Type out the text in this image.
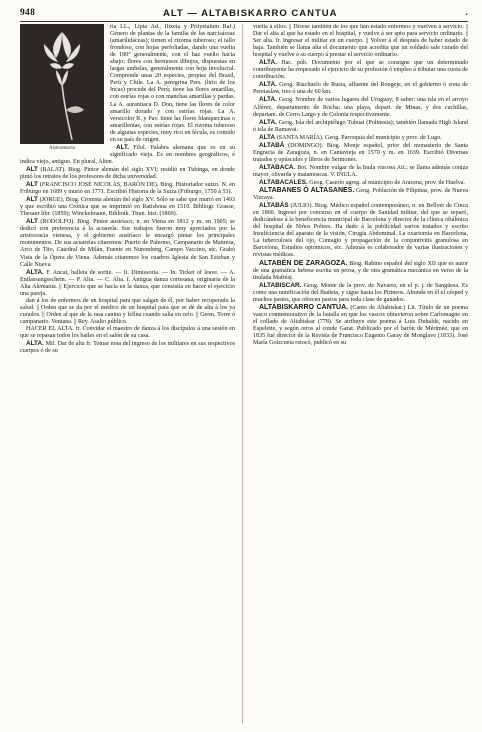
948	ALT — ALTABISKARRO CANTUA	.
Alstroemeria

ria LL., Lipta Ad., Ilixeia y Prilyetalum Raf.) Género de plantas de la familia de las narcisáceas (amarilidáceas); tienen el rizoma tuberoso; el tallo frondoso, con hojas perfoliadas, dando una vuelta de 180° generalmente, con el haz vuelto hacia abajo; flores con hermosos dibujos, dispuestas en largas umbelas, generalmente con hoja involucral. Comprende unas 20 especies, propias del Brasil, Perú y Chile. La A. peregrina Pers. (lirio de los Incas) procede del Perú; tiene las flores amarillas, con estrías rojas o con manchas amarillas y pardas. La A. aurantiaca D. Don, tiene las flores de color amarillo dorado y con estrías rojas. La A. versicolor R. y Pav. tiene las flores blanquecinas o amarillentas, con estrías rojas. El rizoma tuberoso de algunas especies, muy rico en fécula, es comido en su país de origen.

ALT. Filol. Palabra alemana que es en su significado vieja. Es en nombres geográficos, é indica viejo, antiguo. En plural, Alten.

ALT (BALAT). Biog. Pintor alemán del siglo XVI; residió en Tubinga, en donde pintó los retratos de los profesores de dicha universidad.

ALT (FRANCISCO JOSÉ NICOLÁS, BARÓN DE). Biog. Historiador suizo. N. en Friburgo en 1689 y murió en 1771. Escribió Historia de la Suiza (Friburgo, 1750 á 53).

ALT (JORGE). Biog. Cronista alemán del siglo XV. Sólo se sabe que murió en 1493 y que escribió una Crónica que se imprimió en Ratisbona en 1510. Bibliogr. Grasse, Thesaur libr. (1859); Winckelmann, Bibliotk. Tiran. hist. (1869).

ALT (RODOLFO). Biog. Pintor austríaco, n. en Viena en 1812 y m. en 1905; se dedicó con preferencia á la acuarela. Sus trabajos fueron muy apreciados por la aristocracia vienesa, y el gobierno austríaco le encargó pintar los principales monumentos. De sus acuarelas citaremos: Puerto de Palermo, Campanario de Manresa, Arco de Tito, Catedral de Milán, Fuente en Nuremberg, Campo Vaccino, etc. Grabó Vista de la Ópera de Viena. Además citaremos los cuadros Iglesia de San Esteban y Calle Nueva.

ALTA. F. Ancat, halleta de sortie. — It. Dimissoria. — In. Ticket of leave. — A. Entlassungsschein. — P. Alta. — C. Alta. f. Antigua danza cortesana, originaria de la Alta Alemania. || Ejercicio que se hacía en la danza, que consistía en hacer el ejercicio una pareja.

dan á los de enfermos de un hospital para que salgan de él, por haber recuperado la salud. || Orden que se da por el médico de un hospital para que se dé de alta á los ya curados. || Orden al que de la rasa canina y fellna cuando salía en celo. || Germ. Torre ó campanario. Ventana. || Rey. Asalto público.

HACER EL ALTA. fr. Convidar el maestro de danza á los discípulos á una sesión en que se repasan todos los bailes en el salón de su casa.

ALTA. Mil. Dar de alta fr. Tomar nota del ingreso de los militares en sus respectivos cuerpos ó de su

vuelta á ellos. || Dícese también de los que han estado enfermos y vuelven á servicio. || Dar el alta al que ha estado en el hospital, y vuelve á ser apto para servicio ordinario. || Ser alta. fr. Ingresar el militar en un cuerpo. || Volver á él después de haber estado de baja. También se llama alta el documento que acredita que un soldado sale curado del hospital y vuelve á su cuerpo á prestar el servicio ordinario.

ALTA. Hac. púb. Documento por el que se consigne que un determinado contribuyente ha empezado el ejercicio de su profesión ó empleo á tributar una cuota de contribución.

ALTA. Geog. Riachuelo de Rusia, afluente del Rougeje, en el gobierno ó zona de Pereiaslaw, tres ó una de 60 km.

ALTA. Geog. Nombre de varios lugares del Uruguay; 8 saber: una isla en el arroyo Alférez, departamento de Rocha; una playa, depart. de Minas, y dos cuchillas, departam. de Cerro Largo y de Colonia respectivamente.

ALTA. Geog. Isla del archipiélago Tubuai (Polinesia); también llamada High Island ó isla de Ramavai.

ALTA (SANTA MARÍA). Geog. Parroquia del municipio y prov. de Lugo.

ALTABÁ (DOMINGO). Biog. Monje español, prior del monasterio de Santa Engracia de Zaragoza, n. en Cantavieja en 1570 y m. en 1639. Escribió Diversas tratados y opúsculos y libros de Sermones.

ALTABACA. Bot. Nombre vulgar de la Inula viscosa Ait.; se llama además coniza mayor, olivarda y matamoscas. V. INULA.

ALTABACALES. Geog. Caserío agreg. al municipio de Aracena, prov. de Huelva.

ALTABANES Ó ALTASANES. Geog. Población de Filipinas, prov. de Nueva Vizcaya.

ALTABÁS (JULIO). Biog. Médico español contemporáneo, n. en Bellver de Cinca en 1860. Ingresó por concurso en el cuerpo de Sanidad militar, del que se separó, dedicándose á la beneficencia municipal de Barcelona y director de la clínica oftálmica del hospital de Niños Pobres. Ha dado á la publicidad varios tratados y escrito Insuficiencia del aparato de la visión, Cirugía Abdominal. La oxartomia en Barcelona, La tuberculosis del ojo, Contagio y propagación de la conjuntivitis granulosa en Barcelona, Estudios optómicos, etc. Además es colaborador de varias ilustraciones y revistas médicas.

ALTABÉN DE ZARAGOZA. Biog. Rabino español del siglo XII que es autor de una gramática hebrea escrita en prosa, y de otra gramática mecánica en verso de la titulada Maftéaj.

ALTABISCAR. Geog. Monte de la prov. de Navarra, en el p. j. de Sangüesa. Es como una ramificación del Ibañeta, y sigue hasta los Pirineos. Abunda en él el césped y muchos pastos, que ofrecen pastos para toda clase de ganados.

ALTABISKARRO CANTUA. (Canto de Altabiskar.) Lit. Título de un poema vasco conmemorativo de la batalla en que los vascos obtuvieron sobre Carlomagno en el collado de Altabiskar (778). Se atribuye este poema á Luis Duhalde, nacido en Espelette, y según otros al conde Garat. Publicado por el barón de Mérimée, que en 1835 fué director de la Revista de Francisco Eugenio Garay de Monglave (1833). José María Goizcueta retocó, publicó en su
